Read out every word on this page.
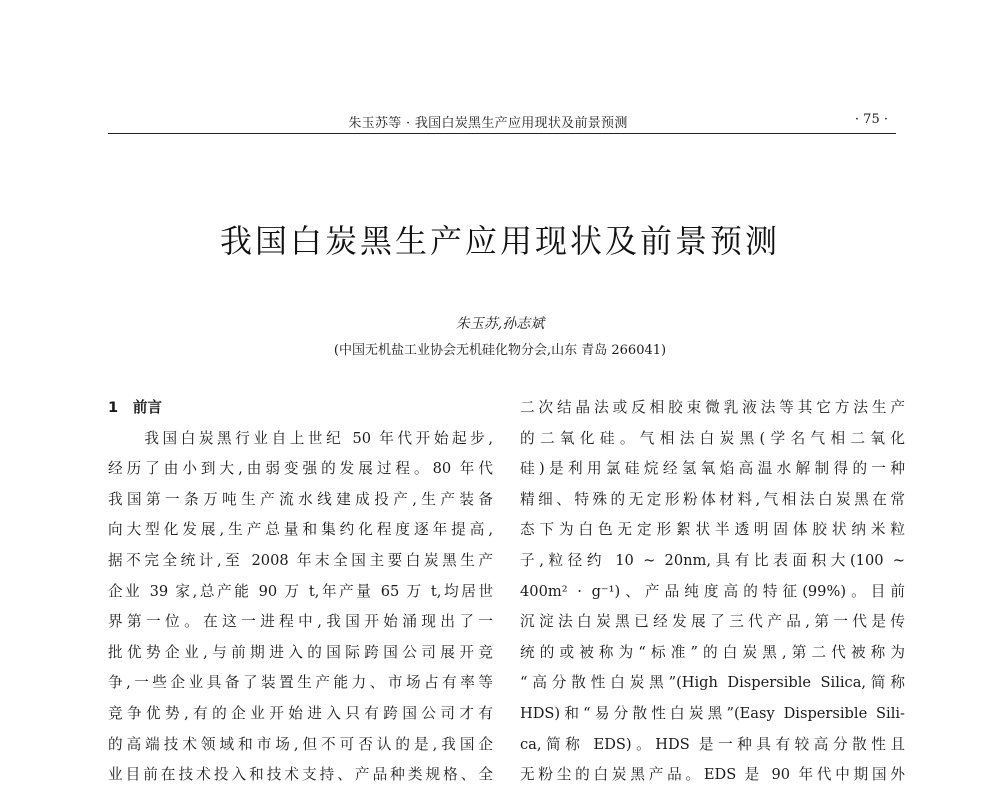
朱玉苏等 · 我国白炭黑生产应用现状及前景预测	· 75 ·
我国白炭黑生产应用现状及前景预测
朱玉苏,孙志斌
(中国无机盐工业协会无机硅化物分会,山东 青岛 266041)
1　前言
　　我国白炭黑行业自上世纪 50 年代开始起步,
经历了由小到大,由弱变强的发展过程。80 年代
我国第一条万吨生产流水线建成投产,生产装备
向大型化发展,生产总量和集约化程度逐年提高,
据不完全统计,至 2008 年末全国主要白炭黑生产
企业 39 家,总产能 90 万 t,年产量 65 万 t,均居世
界第一位。在这一进程中,我国开始涌现出了一
批优势企业,与前期进入的国际跨国公司展开竞
争,一些企业具备了装置生产能力、市场占有率等
竞争优势,有的企业开始进入只有跨国公司才有
的高端技术领域和市场,但不可否认的是,我国企
业目前在技术投入和技术支持、产品种类规格、全
二次结晶法或反相胶束微乳液法等其它方法生产
的二氧化硅。气相法白炭黑(学名气相二氧化
硅)是利用氯硅烷经氢氧焰高温水解制得的一种
精细、特殊的无定形粉体材料,气相法白炭黑在常
态下为白色无定形絮状半透明固体胶状纳米粒
子,粒径约 10 ~ 20nm,具有比表面积大(100 ~
400m² · g⁻¹)、产品纯度高的特征(99%)。目前
沉淀法白炭黑已经发展了三代产品,第一代是传
统的或被称为“标准”的白炭黑,第二代被称为
“高分散性白炭黑”(High Dispersible Silica,简称
HDS)和“易分散性白炭黑”(Easy Dispersible Sili-
ca,简称 EDS)。HDS 是一种具有较高分散性且
无粉尘的白炭黑产品。EDS 是 90 年代中期国外
